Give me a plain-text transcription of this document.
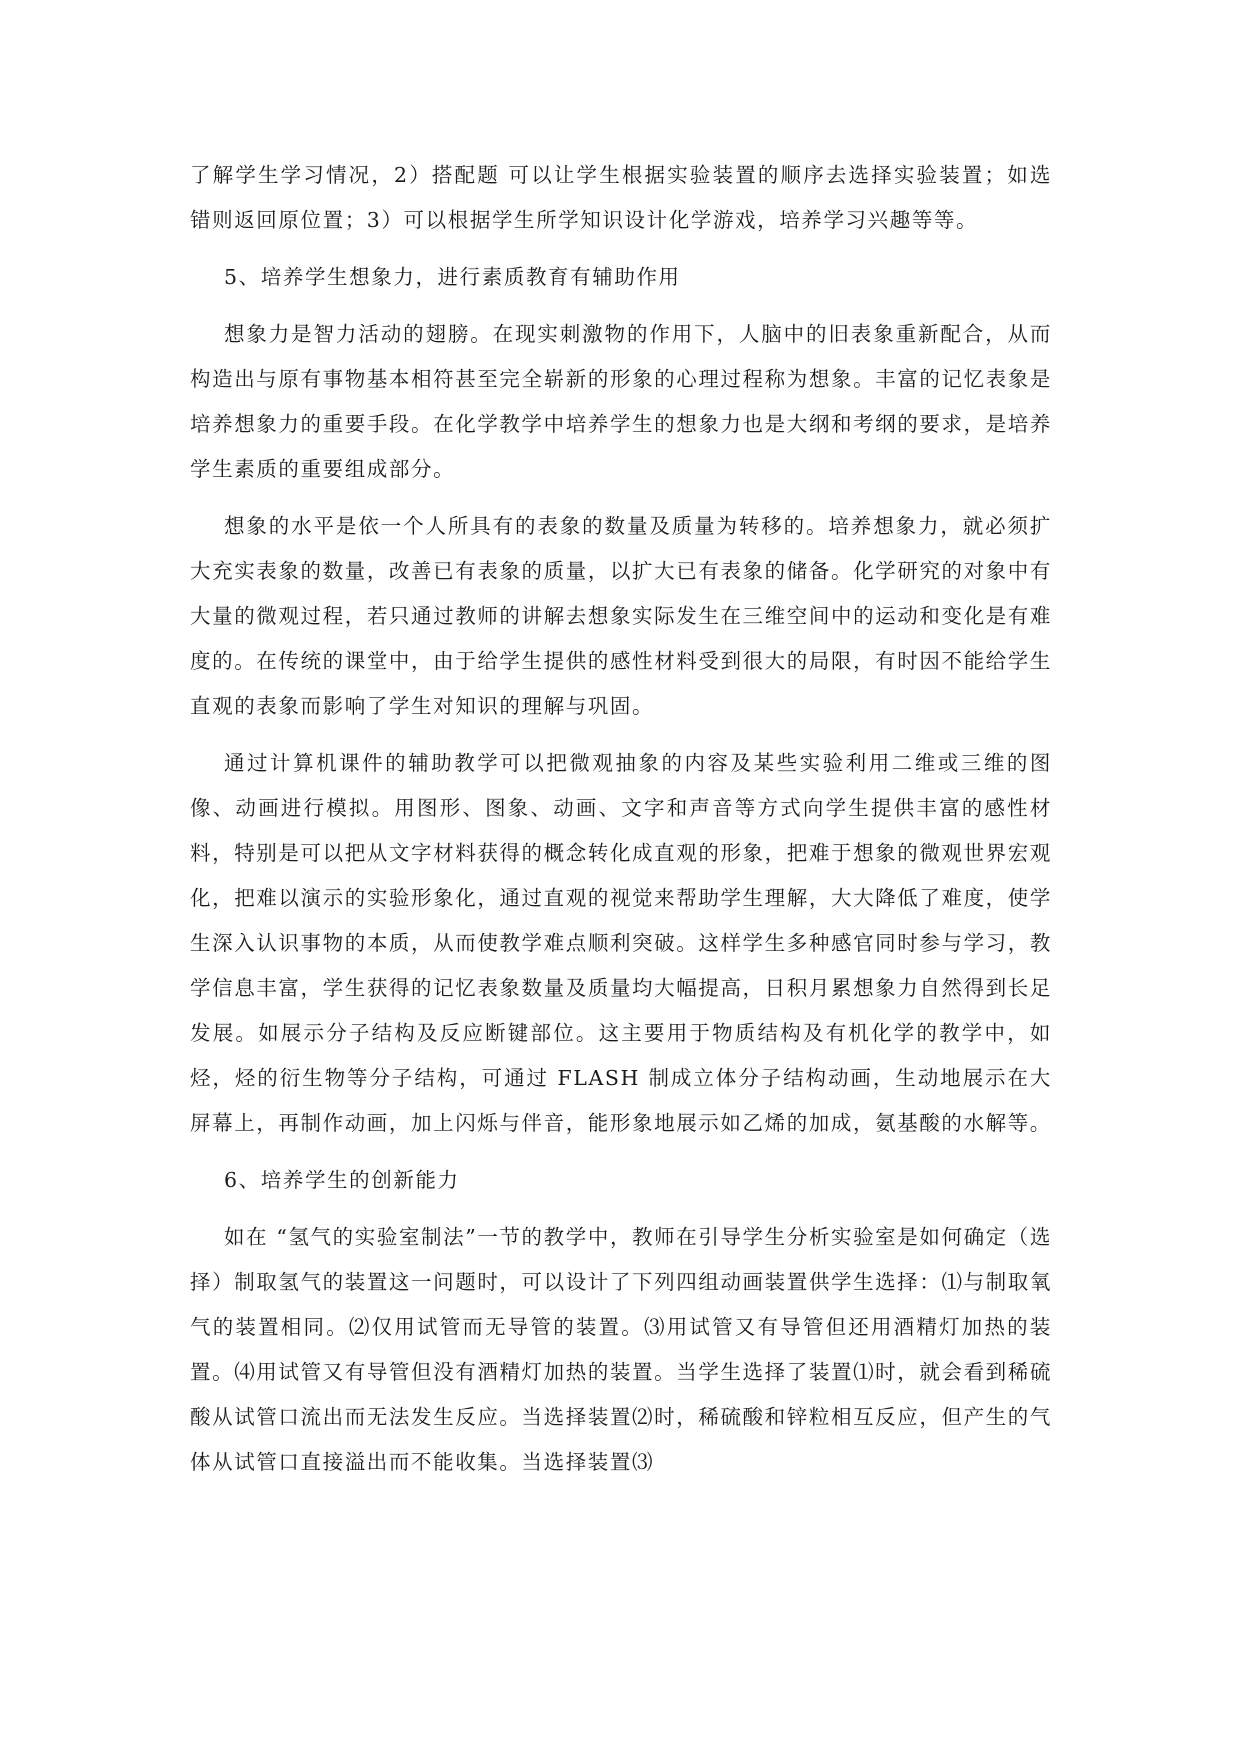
了解学生学习情况，2）搭配题 可以让学生根据实验装置的顺序去选择实验装置；如选错则返回原位置；3）可以根据学生所学知识设计化学游戏，培养学习兴趣等等。

5、培养学生想象力，进行素质教育有辅助作用

想象力是智力活动的翅膀。在现实刺激物的作用下，人脑中的旧表象重新配合，从而构造出与原有事物基本相符甚至完全崭新的形象的心理过程称为想象。丰富的记忆表象是培养想象力的重要手段。在化学教学中培养学生的想象力也是大纲和考纲的要求，是培养学生素质的重要组成部分。

想象的水平是依一个人所具有的表象的数量及质量为转移的。培养想象力，就必须扩大充实表象的数量，改善已有表象的质量，以扩大已有表象的储备。化学研究的对象中有大量的微观过程，若只通过教师的讲解去想象实际发生在三维空间中的运动和变化是有难度的。在传统的课堂中，由于给学生提供的感性材料受到很大的局限，有时因不能给学生直观的表象而影响了学生对知识的理解与巩固。

通过计算机课件的辅助教学可以把微观抽象的内容及某些实验利用二维或三维的图像、动画进行模拟。用图形、图象、动画、文字和声音等方式向学生提供丰富的感性材料，特别是可以把从文字材料获得的概念转化成直观的形象，把难于想象的微观世界宏观化，把难以演示的实验形象化，通过直观的视觉来帮助学生理解，大大降低了难度，使学生深入认识事物的本质，从而使教学难点顺利突破。这样学生多种感官同时参与学习，教学信息丰富，学生获得的记忆表象数量及质量均大幅提高，日积月累想象力自然得到长足发展。如展示分子结构及反应断键部位。这主要用于物质结构及有机化学的教学中，如烃，烃的衍生物等分子结构，可通过 FLASH 制成立体分子结构动画，生动地展示在大屏幕上，再制作动画，加上闪烁与伴音，能形象地展示如乙烯的加成，氨基酸的水解等。

6、培养学生的创新能力

如在 “氢气的实验室制法”一节的教学中，教师在引导学生分析实验室是如何确定（选择）制取氢气的装置这一问题时，可以设计了下列四组动画装置供学生选择：⑴与制取氧气的装置相同。⑵仅用试管而无导管的装置。⑶用试管又有导管但还用酒精灯加热的装置。⑷用试管又有导管但没有酒精灯加热的装置。当学生选择了装置⑴时，就会看到稀硫酸从试管口流出而无法发生反应。当选择装置⑵时，稀硫酸和锌粒相互反应，但产生的气体从试管口直接溢出而不能收集。当选择装置⑶
